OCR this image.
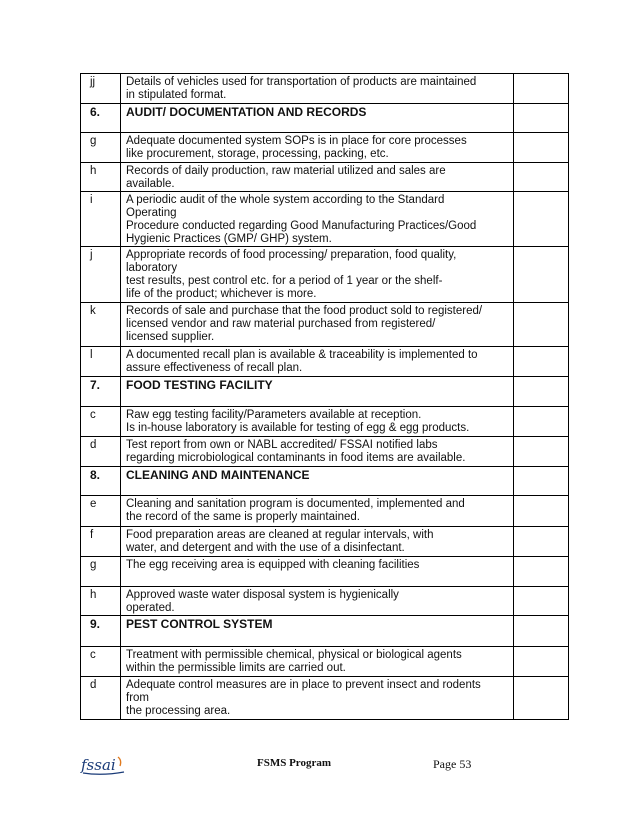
jj	Details of vehicles used for transportation of products are maintained
in stipulated format.	

6.	AUDIT/ DOCUMENTATION AND RECORDS	

g	Adequate documented system SOPs is in place for core processes
like procurement, storage, processing, packing, etc.	

h	Records of daily production, raw material utilized and sales are
available.	

i	A periodic audit of the whole system according to the Standard
Operating
Procedure conducted regarding Good Manufacturing Practices/Good
Hygienic Practices (GMP/ GHP) system.	

j	Appropriate records of food processing/ preparation, food quality,
laboratory
test results, pest control etc. for a period of 1 year or the shelf-
life of the product; whichever is more.	

k	Records of sale and purchase that the food product sold to registered/
licensed vendor and raw material purchased from registered/
licensed supplier.	

l	A documented recall plan is available & traceability is implemented to
assure effectiveness of recall plan.	

7.	FOOD TESTING FACILITY	

c	Raw egg testing facility/Parameters available at reception.
Is in-house laboratory is available for testing of egg & egg products.	

d	Test report from own or NABL accredited/ FSSAI notified labs
regarding microbiological contaminants in food items are available.	

8.	CLEANING AND MAINTENANCE	

e	Cleaning and sanitation program is documented, implemented and
the record of the same is properly maintained.	

f	Food preparation areas are cleaned at regular intervals, with
water, and detergent and with the use of a disinfectant.	

g	The egg receiving area is equipped with cleaning facilities	

h	Approved waste water disposal system is hygienically
operated.	

9.	PEST CONTROL SYSTEM	

c	Treatment with permissible chemical, physical or biological agents
within the permissible limits are carried out.	

d	Adequate control measures are in place to prevent insect and rodents
from
the processing area.	

fssai	FSMS Program	Page 53
